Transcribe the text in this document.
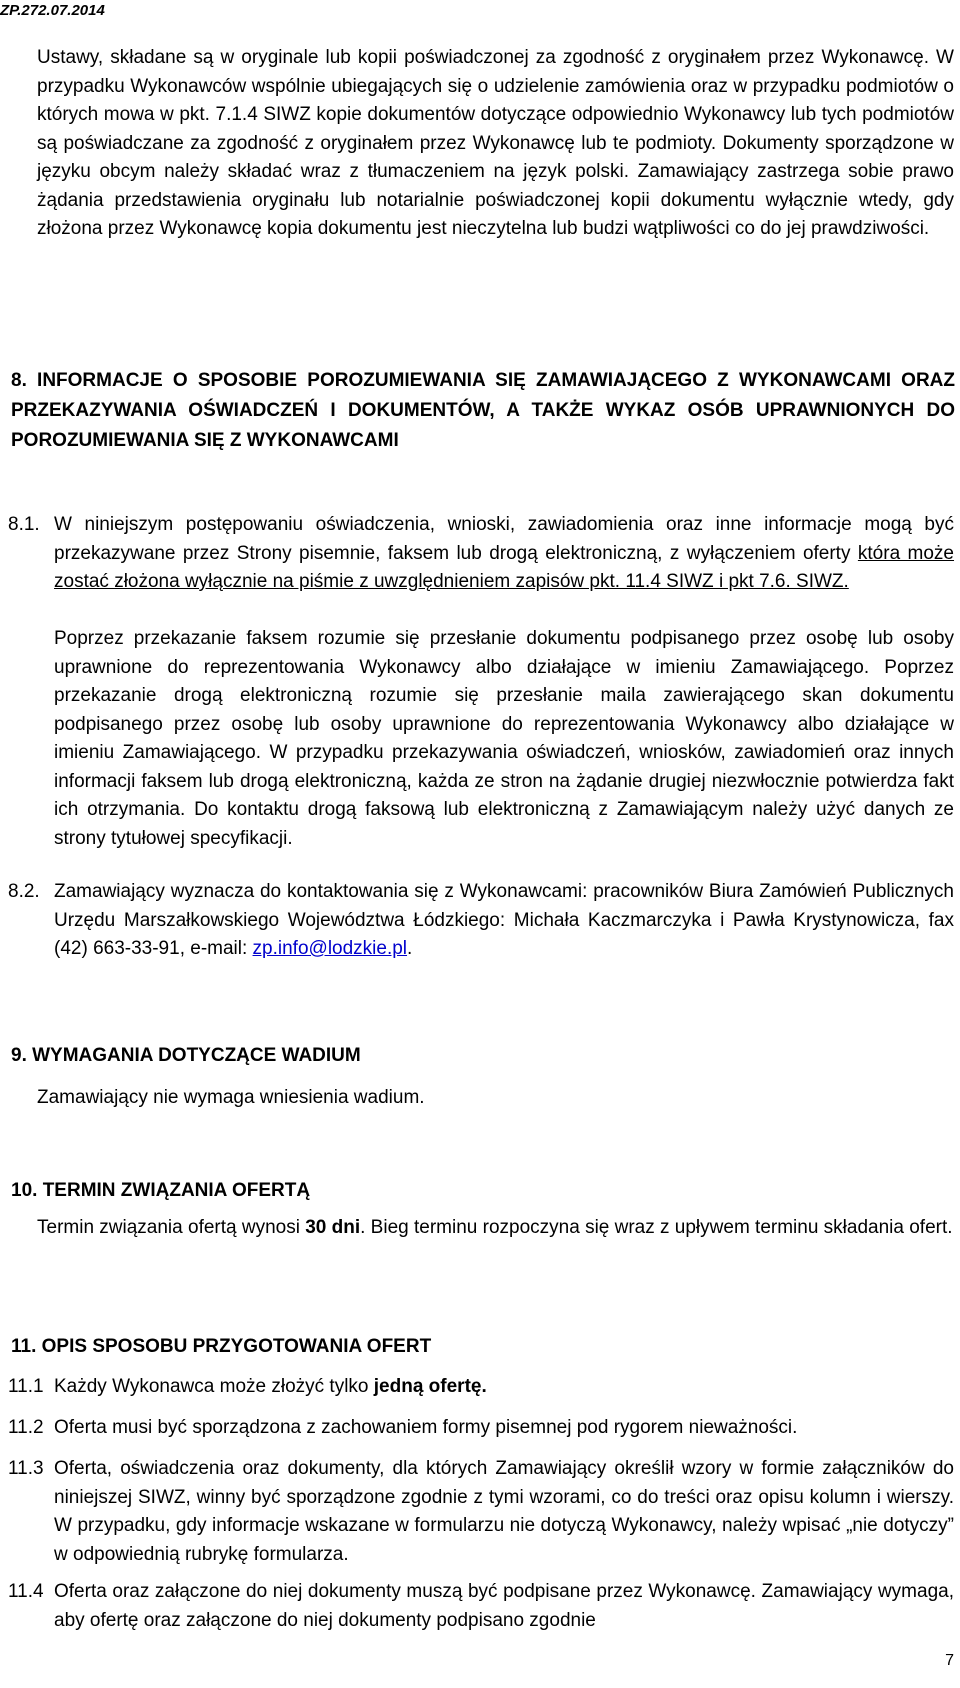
ZP.272.07.2014

Ustawy, składane są w oryginale lub kopii poświadczonej za zgodność z oryginałem przez Wykonawcę. W przypadku Wykonawców wspólnie ubiegających się o udzielenie zamówienia oraz w przypadku podmiotów o których mowa w pkt. 7.1.4 SIWZ kopie dokumentów dotyczące odpowiednio Wykonawcy lub tych podmiotów są poświadczane za zgodność z oryginałem przez Wykonawcę lub te podmioty. Dokumenty sporządzone w języku obcym należy składać wraz z tłumaczeniem na język polski. Zamawiający zastrzega sobie prawo żądania przedstawienia oryginału lub notarialnie poświadczonej kopii dokumentu wyłącznie wtedy, gdy złożona przez Wykonawcę kopia dokumentu jest nieczytelna lub budzi wątpliwości co do jej prawdziwości.

8. INFORMACJE O SPOSOBIE POROZUMIEWANIA SIĘ ZAMAWIAJĄCEGO Z WYKONAWCAMI ORAZ PRZEKAZYWANIA OŚWIADCZEŃ I DOKUMENTÓW, A TAKŻE WYKAZ OSÓB UPRAWNIONYCH DO POROZUMIEWANIA SIĘ Z WYKONAWCAMI

8.1. W niniejszym postępowaniu oświadczenia, wnioski, zawiadomienia oraz inne informacje mogą być przekazywane przez Strony pisemnie, faksem lub drogą elektroniczną, z wyłączeniem oferty która może zostać złożona wyłącznie na piśmie z uwzględnieniem zapisów pkt. 11.4 SIWZ i pkt 7.6. SIWZ.

Poprzez przekazanie faksem rozumie się przesłanie dokumentu podpisanego przez osobę lub osoby uprawnione do reprezentowania Wykonawcy albo działające w imieniu Zamawiającego. Poprzez przekazanie drogą elektroniczną rozumie się przesłanie maila zawierającego skan dokumentu podpisanego przez osobę lub osoby uprawnione do reprezentowania Wykonawcy albo działające w imieniu Zamawiającego. W przypadku przekazywania oświadczeń, wniosków, zawiadomień oraz innych informacji faksem lub drogą elektroniczną, każda ze stron na żądanie drugiej niezwłocznie potwierdza fakt ich otrzymania. Do kontaktu drogą faksową lub elektroniczną z Zamawiającym należy użyć danych ze strony tytułowej specyfikacji.

8.2. Zamawiający wyznacza do kontaktowania się z Wykonawcami: pracowników Biura Zamówień Publicznych Urzędu Marszałkowskiego Województwa Łódzkiego: Michała Kaczmarczyka i Pawła Krystynowicza, fax (42) 663-33-91, e-mail: zp.info@lodzkie.pl.

9. WYMAGANIA DOTYCZĄCE WADIUM

Zamawiający nie wymaga wniesienia wadium.

10. TERMIN ZWIĄZANIA OFERTĄ

Termin związania ofertą wynosi 30 dni. Bieg terminu rozpoczyna się wraz z upływem terminu składania ofert.

11. OPIS SPOSOBU PRZYGOTOWANIA OFERT

11.1 Każdy Wykonawca może złożyć tylko jedną ofertę.

11.2 Oferta musi być sporządzona z zachowaniem formy pisemnej pod rygorem nieważności.

11.3 Oferta, oświadczenia oraz dokumenty, dla których Zamawiający określił wzory w formie załączników do niniejszej SIWZ, winny być sporządzone zgodnie z tymi wzorami, co do treści oraz opisu kolumn i wierszy. W przypadku, gdy informacje wskazane w formularzu nie dotyczą Wykonawcy, należy wpisać „nie dotyczy” w odpowiednią rubrykę formularza.

11.4 Oferta oraz załączone do niej dokumenty muszą być podpisane przez Wykonawcę. Zamawiający wymaga, aby ofertę oraz załączone do niej dokumenty podpisano zgodnie

7
